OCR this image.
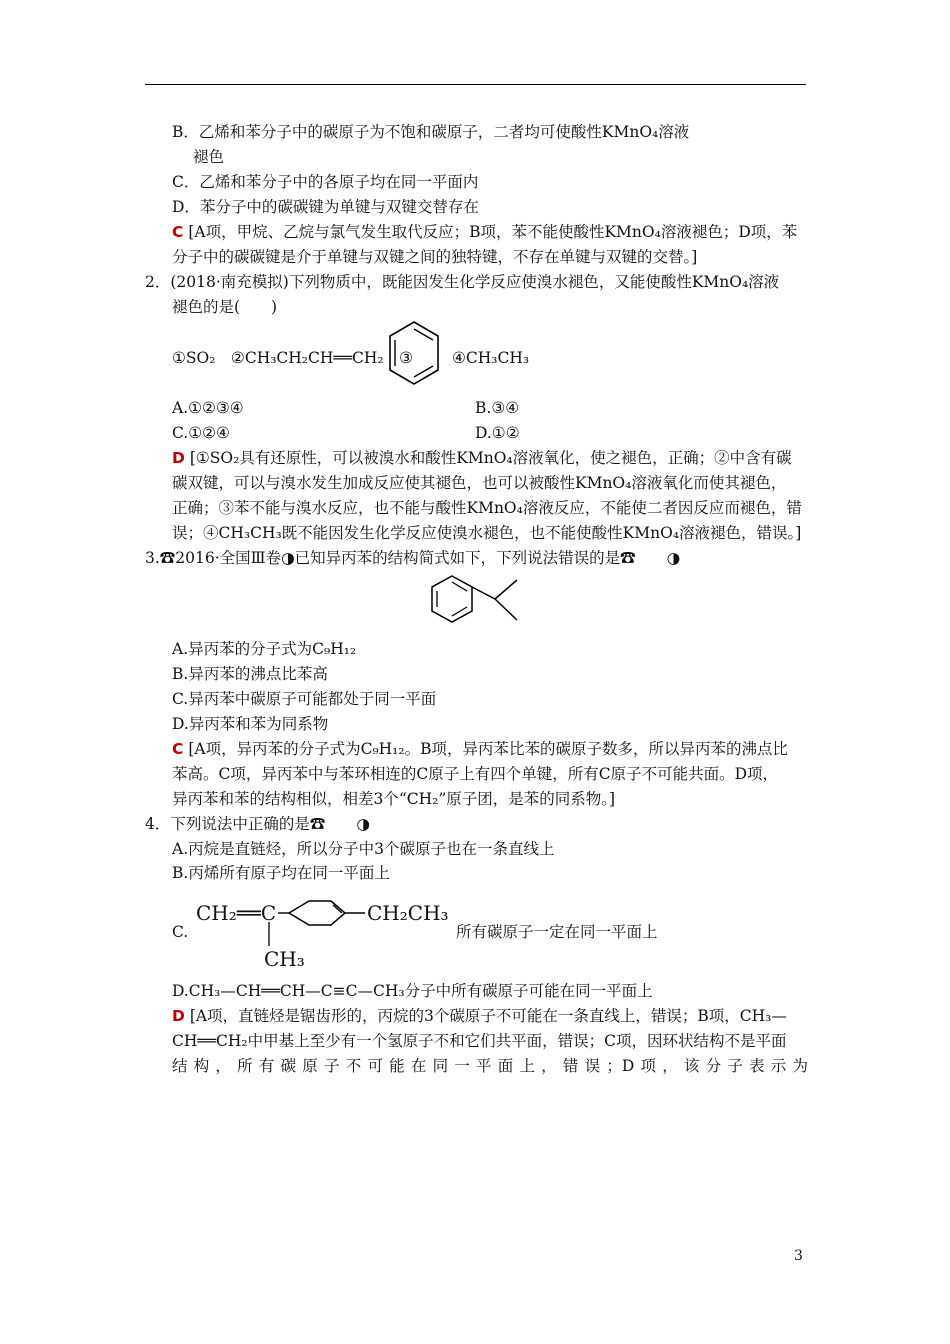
B．乙烯和苯分子中的碳原子为不饱和碳原子，二者均可使酸性KMnO₄溶液
褪色
C．乙烯和苯分子中的各原子均在同一平面内
D．苯分子中的碳碳键为单键与双键交替存在
C [A项，甲烷、乙烷与氯气发生取代反应；B项，苯不能使酸性KMnO₄溶液褪色；D项，苯
分子中的碳碳键是介于单键与双键之间的独特键，不存在单键与双键的交替。]
2．(2018·南充模拟)下列物质中，既能因发生化学反应使溴水褪色，又能使酸性KMnO₄溶液
褪色的是(　　)
①SO₂　②CH₃CH₂CH══CH₂　③	④CH₃CH₃
A.①②③④	B.③④
C.①②④	D.①②
D [①SO₂具有还原性，可以被溴水和酸性KMnO₄溶液氧化，使之褪色，正确；②中含有碳
碳双键，可以与溴水发生加成反应使其褪色，也可以被酸性KMnO₄溶液氧化而使其褪色，
正确；③苯不能与溴水反应，也不能与酸性KMnO₄溶液反应，不能使二者因反应而褪色，错
误；④CH₃CH₃既不能因发生化学反应使溴水褪色，也不能使酸性KMnO₄溶液褪色，错误。]
3.☎2016·全国Ⅲ卷◑已知异丙苯的结构简式如下，下列说法错误的是☎　　◑
A.异丙苯的分子式为C₉H₁₂
B.异丙苯的沸点比苯高
C.异丙苯中碳原子可能都处于同一平面
D.异丙苯和苯为同系物
C [A项，异丙苯的分子式为C₉H₁₂。B项，异丙苯比苯的碳原子数多，所以异丙苯的沸点比
苯高。C项，异丙苯中与苯环相连的C原子上有四个单键，所有C原子不可能共面。D项，
异丙苯和苯的结构相似，相差3个“CH₂”原子团，是苯的同系物。]
4．下列说法中正确的是☎　　◑
A.丙烷是直链烃，所以分子中3个碳原子也在一条直线上
B.丙烯所有原子均在同一平面上
C.
CH₂══C	CH₂CH₃
CH₃
所有碳原子一定在同一平面上
D.CH₃—CH══CH—C≡C—CH₃分子中所有碳原子可能在同一平面上
D [A项，直链烃是锯齿形的，丙烷的3个碳原子不可能在一条直线上，错误；B项，CH₃—
CH══CH₂中甲基上至少有一个氢原子不和它们共平面，错误；C项，因环状结构不是平面
结构，所有碳原子不可能在同一平面上，错误；D项，该分子表示为
3
